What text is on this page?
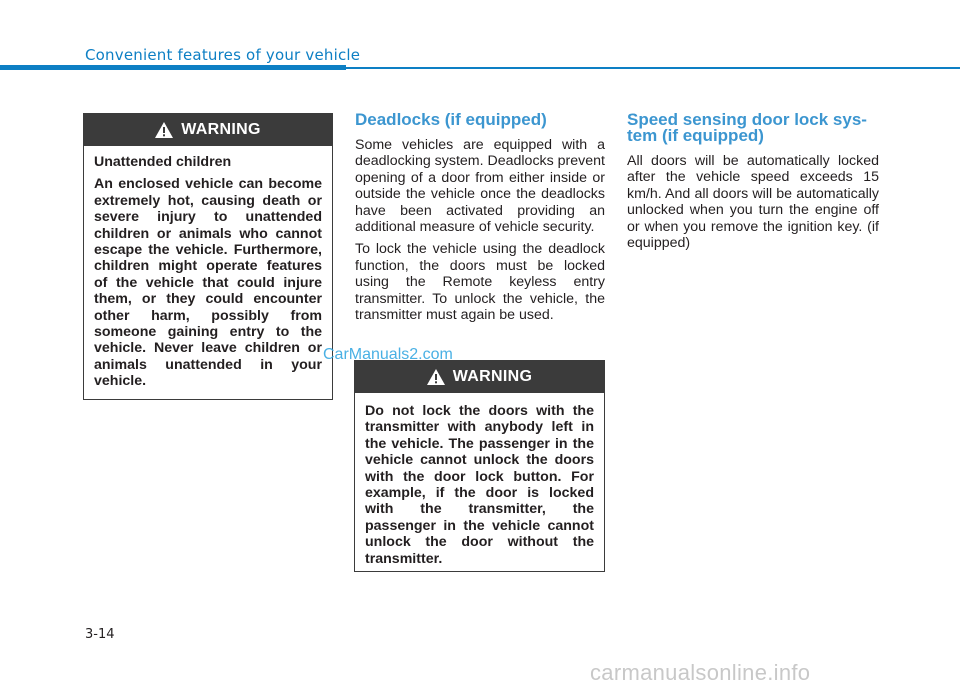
Convenient features of your vehicle
WARNING

Unattended children

An enclosed vehicle can become extremely hot, causing death or severe injury to unattended children or animals who cannot escape the vehicle. Furthermore, children might operate features of the vehicle that could injure them, or they could encounter other harm, possibly from someone gaining entry to the vehicle. Never leave children or animals unattended in your vehicle.

Deadlocks (if equipped)

Some vehicles are equipped with a deadlocking system. Deadlocks prevent opening of a door from either inside or outside the vehicle once the deadlocks have been activated providing an additional measure of vehicle security.

To lock the vehicle using the deadlock function, the doors must be locked using the Remote keyless entry transmitter. To unlock the vehicle, the transmitter must again be used.

WARNING

Do not lock the doors with the transmitter with anybody left in the vehicle. The passenger in the vehicle cannot unlock the doors with the door lock button. For example, if the door is locked with the transmitter, the passenger in the vehicle cannot unlock the door without the transmitter.

Speed sensing door lock sys-
tem (if equipped)

All doors will be automatically locked after the vehicle speed exceeds 15 km/h. And all doors will be automatically unlocked when you turn the engine off or when you remove the ignition key. (if equipped)

CarManuals2.com
3-14
carmanualsonline.info
